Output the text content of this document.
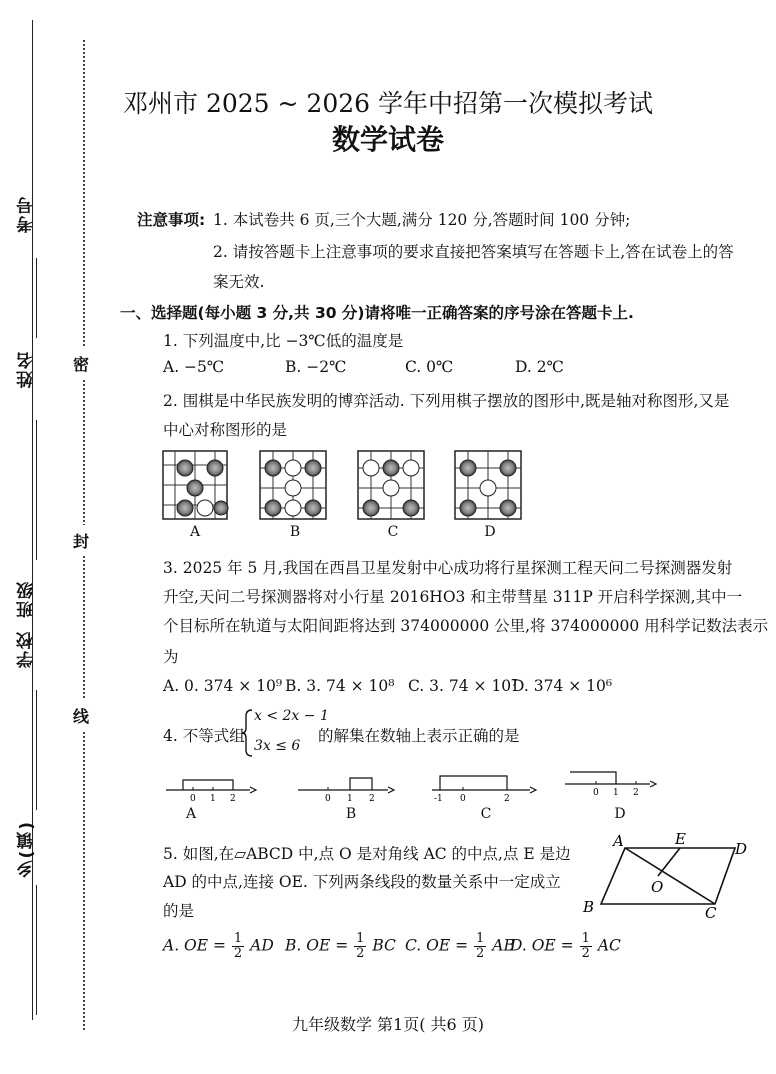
考号
姓名
学校
班级
乡(镇)
密
封
线
邓州市 2025 ~ 2026 学年中招第一次模拟考试
数学试卷
注意事项: 1. 本试卷共 6 页,三个大题,满分 120 分,答题时间 100 分钟;
2. 请按答题卡上注意事项的要求直接把答案填写在答题卡上,答在试卷上的答
案无效.
一、选择题(每小题 3 分,共 30 分)请将唯一正确答案的序号涂在答题卡上.
1. 下列温度中,比 −3℃低的温度是
A. −5℃	B. −2℃	C. 0℃	D. 2℃
2. 围棋是中华民族发明的博弈活动. 下列用棋子摆放的图形中,既是轴对称图形,又是
中心对称图形的是
A	B	C	D
3. 2025 年 5 月,我国在西昌卫星发射中心成功将行星探测工程天问二号探测器发射
升空,天问二号探测器将对小行星 2016HO3 和主带彗星 311P 开启科学探测,其中一
个目标所在轨道与太阳间距将达到 374000000 公里,将 374000000 用科学记数法表示
为
A. 0. 374 × 10⁹ B. 3. 74 × 10⁸ C. 3. 74 × 10⁷
D. 374 × 10⁶
4. 不等式组
x < 2x − 1
3x ≤ 6
的解集在数轴上表示正确的是
0 1 2	0 1 2	-1 0	2
0 1 2
A	B	C	D
5. 如图,在▱ABCD 中,点 O 是对角线 AC 的中点,点 E 是边
AD 的中点,连接 OE. 下列两条线段的数量关系中一定成立
的是
A	E
D
O
B	C
A. OE = $\frac{1}{2}$ AD B. OE = $\frac{1}{2}$ BC C. OE = $\frac{1}{2}$ AB
D. OE = $\frac{1}{2}$ AC
九年级数学 第1页( 共6 页)
